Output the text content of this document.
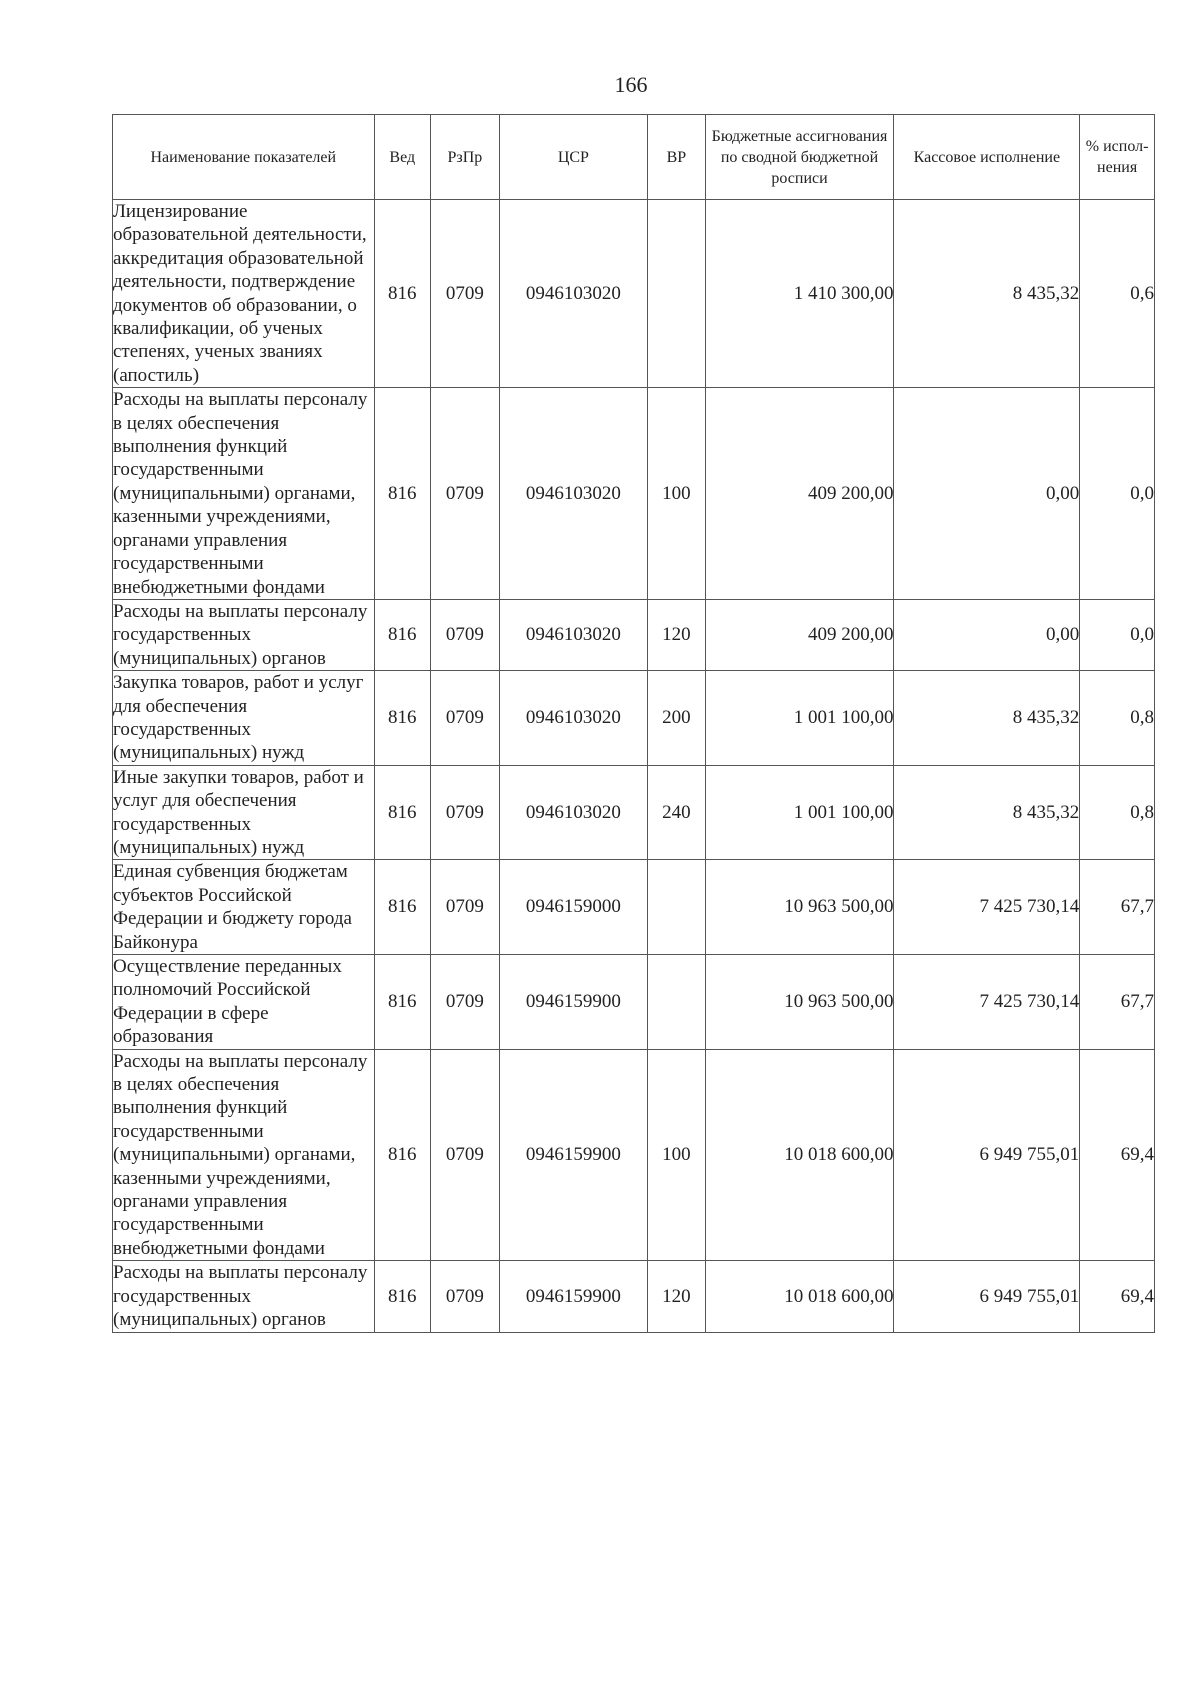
166
Наименование показателей	Вед	РзПр	ЦСР	ВР	Бюджетные ассигнования по сводной бюджетной росписи	Кассовое исполнение	% испол-нения
Лицензирование образовательной деятельности, аккредитация образовательной деятельности, подтверждение документов об образовании, о квалификации, об ученых степенях, ученых званиях (апостиль)	816	0709	0946103020		1 410 300,00	8 435,32	0,6
Расходы на выплаты персоналу в целях обеспечения выполнения функций государственными (муниципальными) органами, казенными учреждениями, органами управления государственными внебюджетными фондами	816	0709	0946103020	100	409 200,00	0,00	0,0
Расходы на выплаты персоналу государственных (муниципальных) органов	816	0709	0946103020	120	409 200,00	0,00	0,0
Закупка товаров, работ и услуг для обеспечения государственных (муниципальных) нужд	816	0709	0946103020	200	1 001 100,00	8 435,32	0,8
Иные закупки товаров, работ и услуг для обеспечения государственных (муниципальных) нужд	816	0709	0946103020	240	1 001 100,00	8 435,32	0,8
Единая субвенция бюджетам субъектов Российской Федерации и бюджету города Байконура	816	0709	0946159000		10 963 500,00	7 425 730,14	67,7
Осуществление переданных полномочий Российской Федерации в сфере образования	816	0709	0946159900		10 963 500,00	7 425 730,14	67,7
Расходы на выплаты персоналу в целях обеспечения выполнения функций государственными (муниципальными) органами, казенными учреждениями, органами управления государственными внебюджетными фондами	816	0709	0946159900	100	10 018 600,00	6 949 755,01	69,4
Расходы на выплаты персоналу государственных (муниципальных) органов	816	0709	0946159900	120	10 018 600,00	6 949 755,01	69,4
